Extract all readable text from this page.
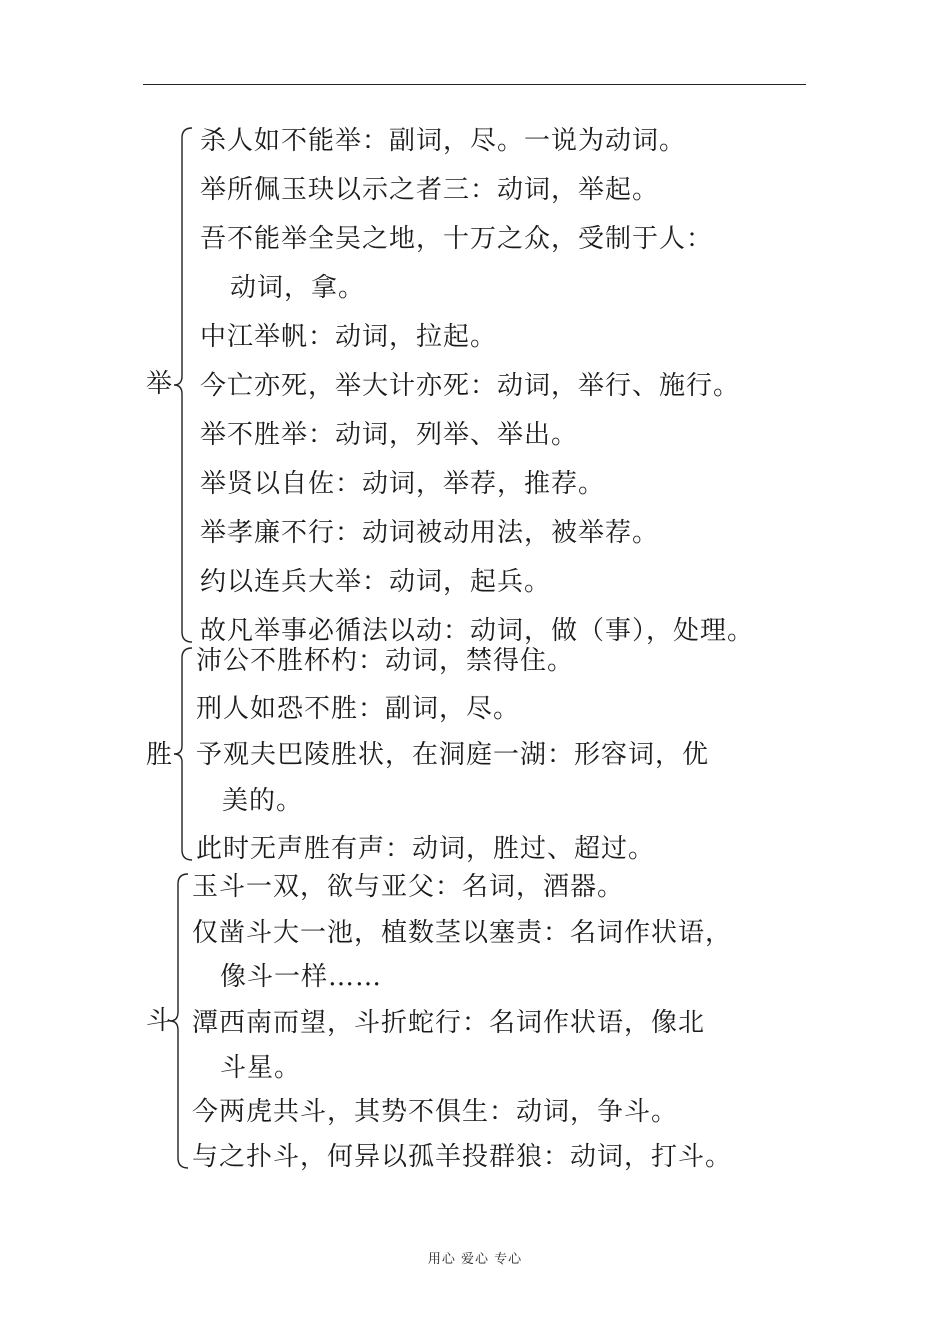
举
杀人如不能举：副词，尽。一说为动词。
举所佩玉玦以示之者三：动词，举起。
吾不能举全吴之地，十万之众，受制于人：
动词，拿。
中江举帆：动词，拉起。
今亡亦死，举大计亦死：动词，举行、施行。
举不胜举：动词，列举、举出。
举贤以自佐：动词，举荐，推荐。
举孝廉不行：动词被动用法，被举荐。
约以连兵大举：动词，起兵。
故凡举事必循法以动：动词，做（事），处理。
胜
沛公不胜杯杓：动词，禁得住。
刑人如恐不胜：副词，尽。
予观夫巴陵胜状，在洞庭一湖：形容词，优
美的。
此时无声胜有声：动词，胜过、超过。
斗
玉斗一双，欲与亚父：名词，酒器。
仅凿斗大一池，植数茎以塞责：名词作状语，
像斗一样……
潭西南而望，斗折蛇行：名词作状语，像北
斗星。
今两虎共斗，其势不俱生：动词，争斗。
与之扑斗，何异以孤羊投群狼：动词，打斗。
用心 爱心 专心
